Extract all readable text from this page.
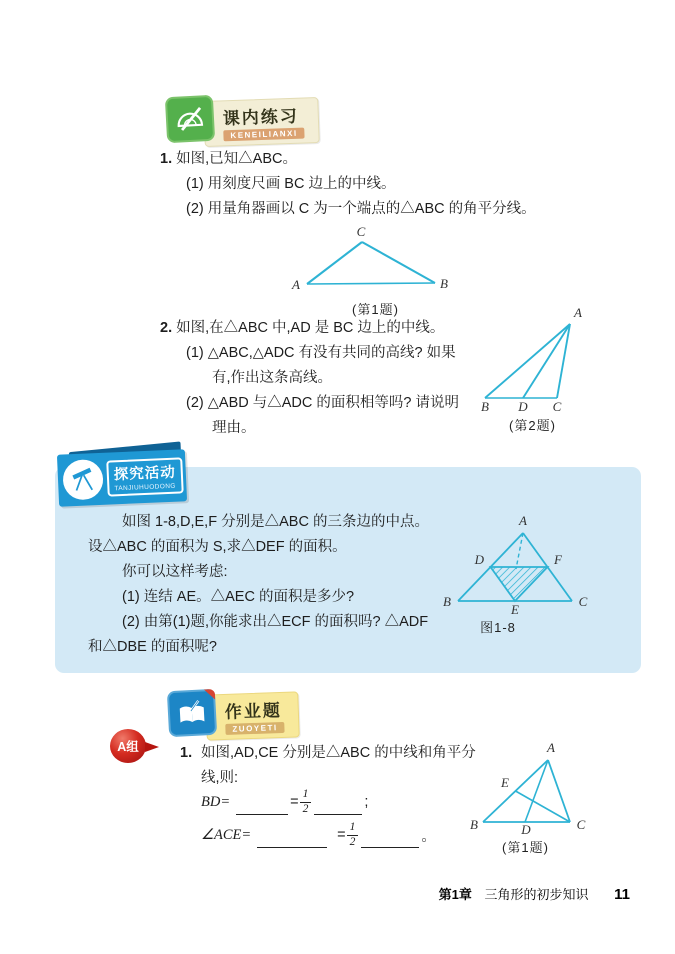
课内练习
KENEILIANXI
1. 如图,已知△ABC。
(1) 用刻度尺画 BC 边上的中线。
(2) 用量角器画以 C 为一个端点的△ABC 的角平分线。
A	B
C
(第1题)
2. 如图,在△ABC 中,AD 是 BC 边上的中线。
(1) △ABC,△ADC 有没有共同的高线? 如果
有,作出这条高线。
(2) △ABD 与△ADC 的面积相等吗? 请说明
理由。
A
B D C
(第2题)
探究活动
TANJIUHUODONG
如图 1-8,D,E,F 分别是△ABC 的三条边的中点。
设△ABC 的面积为 S,求△DEF 的面积。
你可以这样考虑:
(1) 连结 AE。△AEC 的面积是多少?
(2) 由第(1)题,你能求出△ECF 的面积吗? △ADF
和△DBE 的面积呢?
A
B	C
D	F
E
图1-8
作业题
ZUOYETI
A组	1. 如图,AD,CE 分别是△ABC 的中线和角平分
线,则:
BD=	= $\frac{1}{2}$	;
∠ACE=	= $\frac{1}{2}$	。
A
B	C
D
E
(第1题)
第1章 三角形的初步知识 11
